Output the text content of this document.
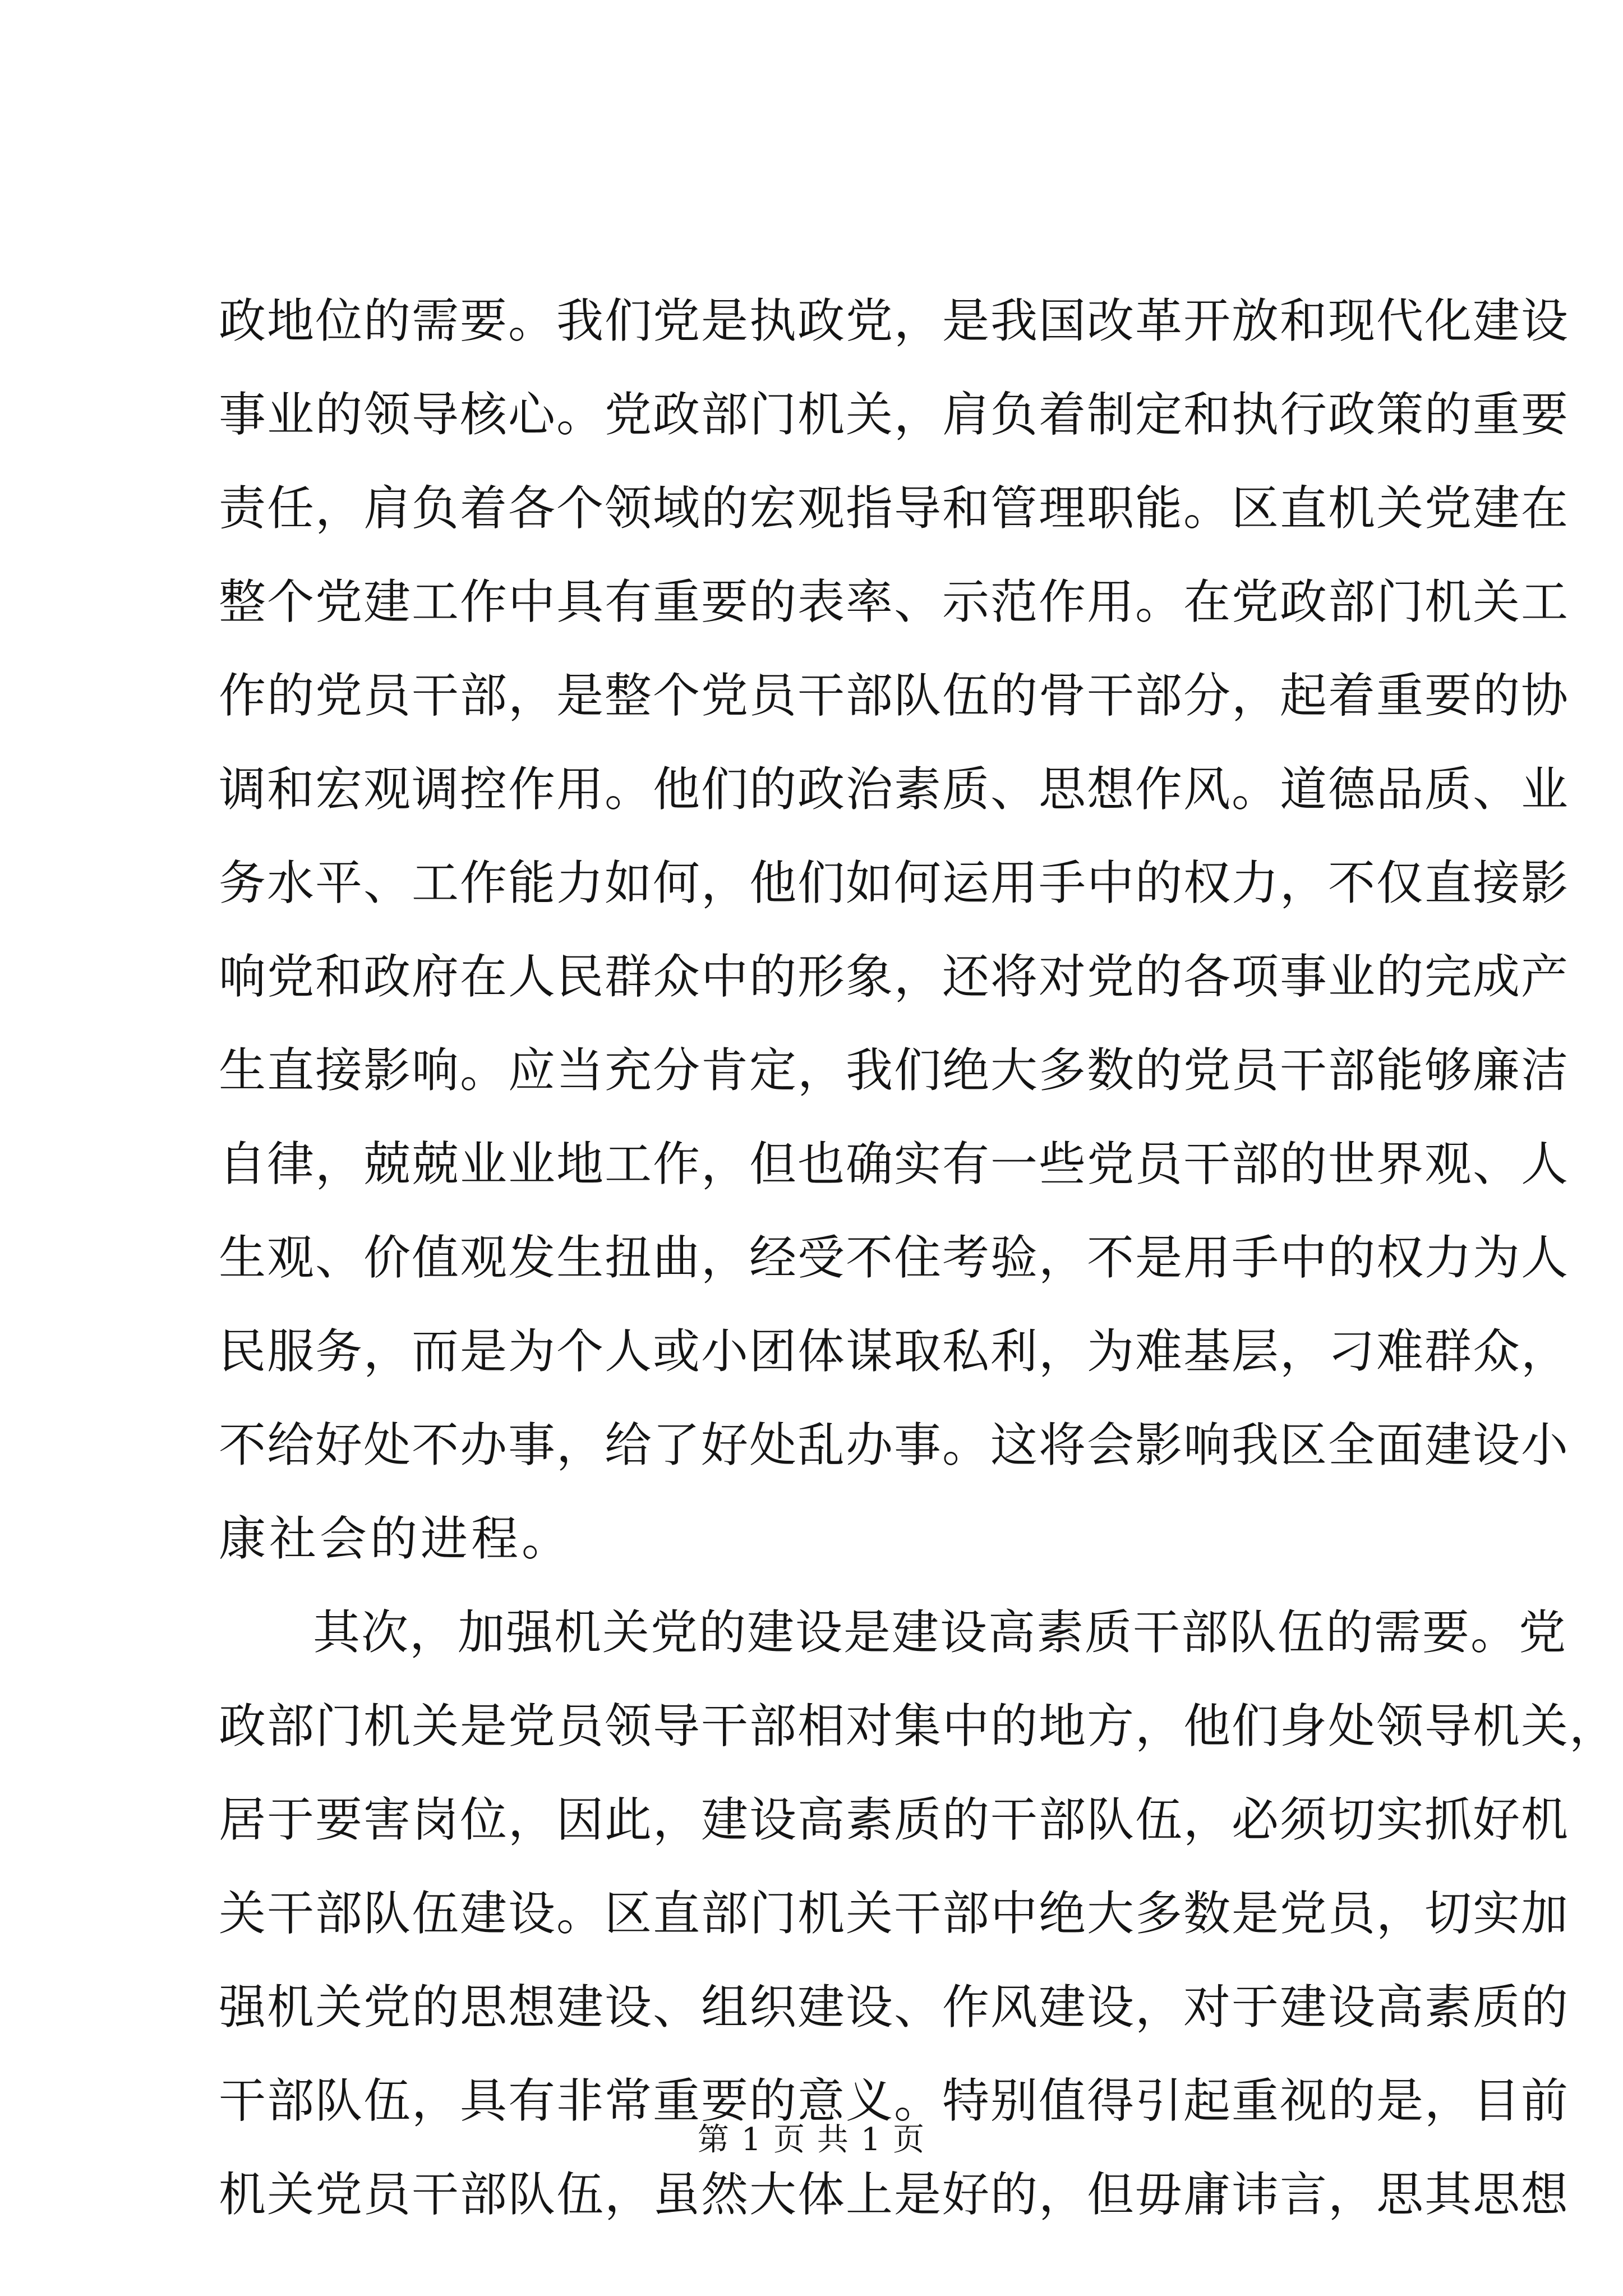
政地位的需要。我们党是执政党，是我国改革开放和现代化建设
事业的领导核心。党政部门机关，肩负着制定和执行政策的重要
责任，肩负着各个领域的宏观指导和管理职能。区直机关党建在
整个党建工作中具有重要的表率、示范作用。在党政部门机关工
作的党员干部，是整个党员干部队伍的骨干部分，起着重要的协
调和宏观调控作用。他们的政治素质、思想作风。道德品质、业
务水平、工作能力如何，他们如何运用手中的权力，不仅直接影
响党和政府在人民群众中的形象，还将对党的各项事业的完成产
生直接影响。应当充分肯定，我们绝大多数的党员干部能够廉洁
自律，兢兢业业地工作，但也确实有一些党员干部的世界观、人
生观、价值观发生扭曲，经受不住考验，不是用手中的权力为人
民服务，而是为个人或小团体谋取私利，为难基层，刁难群众，
不给好处不办事，给了好处乱办事。这将会影响我区全面建设小
康社会的进程。
其次，加强机关党的建设是建设高素质干部队伍的需要。党
政部门机关是党员领导干部相对集中的地方，他们身处领导机关，
居于要害岗位，因此，建设高素质的干部队伍，必须切实抓好机
关干部队伍建设。区直部门机关干部中绝大多数是党员，切实加
强机关党的思想建设、组织建设、作风建设，对于建设高素质的
干部队伍，具有非常重要的意义。特别值得引起重视的是，目前
机关党员干部队伍，虽然大体上是好的，但毋庸讳言，思其思想
第 1 页 共 1 页
